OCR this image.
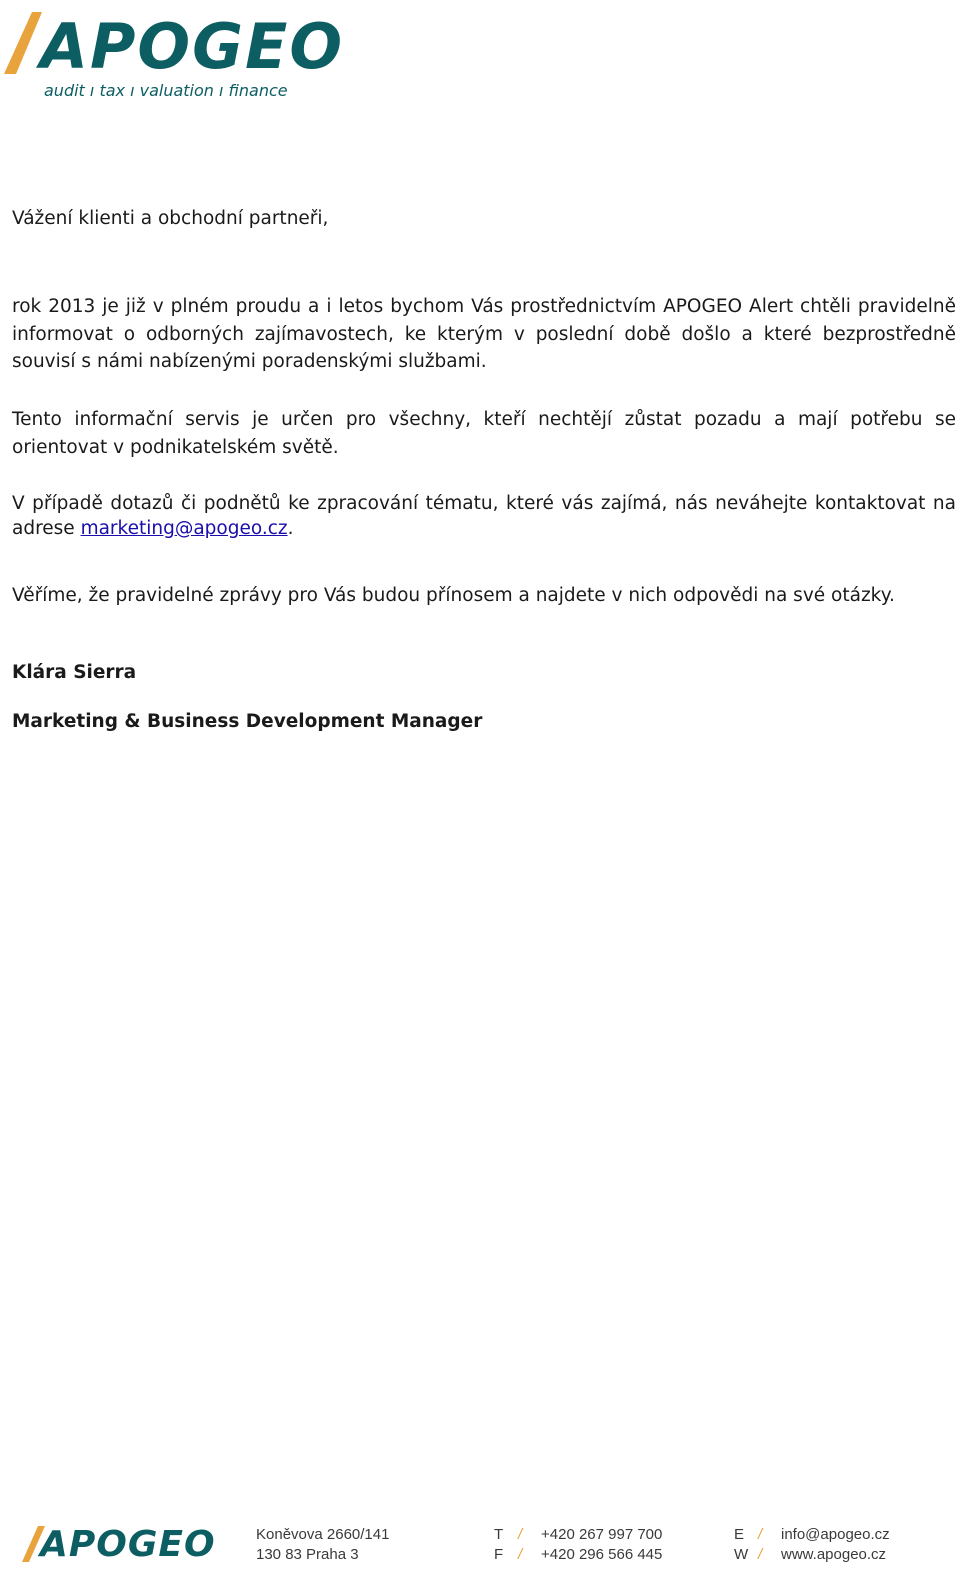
APOGEO
audit ı tax ı valuation ı finance
Vážení klienti a obchodní partneři,
rok 2013 je již v plném proudu a i letos bychom Vás prostřednictvím APOGEO Alert chtěli pravidelně informovat o odborných zajímavostech, ke kterým v poslední době došlo a které bezprostředně souvisí s námi nabízenými poradenskými službami.
Tento informační servis je určen pro všechny, kteří nechtějí zůstat pozadu a mají potřebu se orientovat v podnikatelském světě.
V případě dotazů či podnětů ke zpracování tématu, které vás zajímá, nás neváhejte kontaktovat na adrese marketing@apogeo.cz.
Věříme, že pravidelné zprávy pro Vás budou přínosem a najdete v nich odpovědi na své otázky.
Klára Sierra
Marketing & Business Development Manager
APOGEO	Koněvova 2660/141
130 83 Praha 3
T
F
/
/
+420 267 997 700
+420 296 566 445
E
W
/
/
info@apogeo.cz
www.apogeo.cz
